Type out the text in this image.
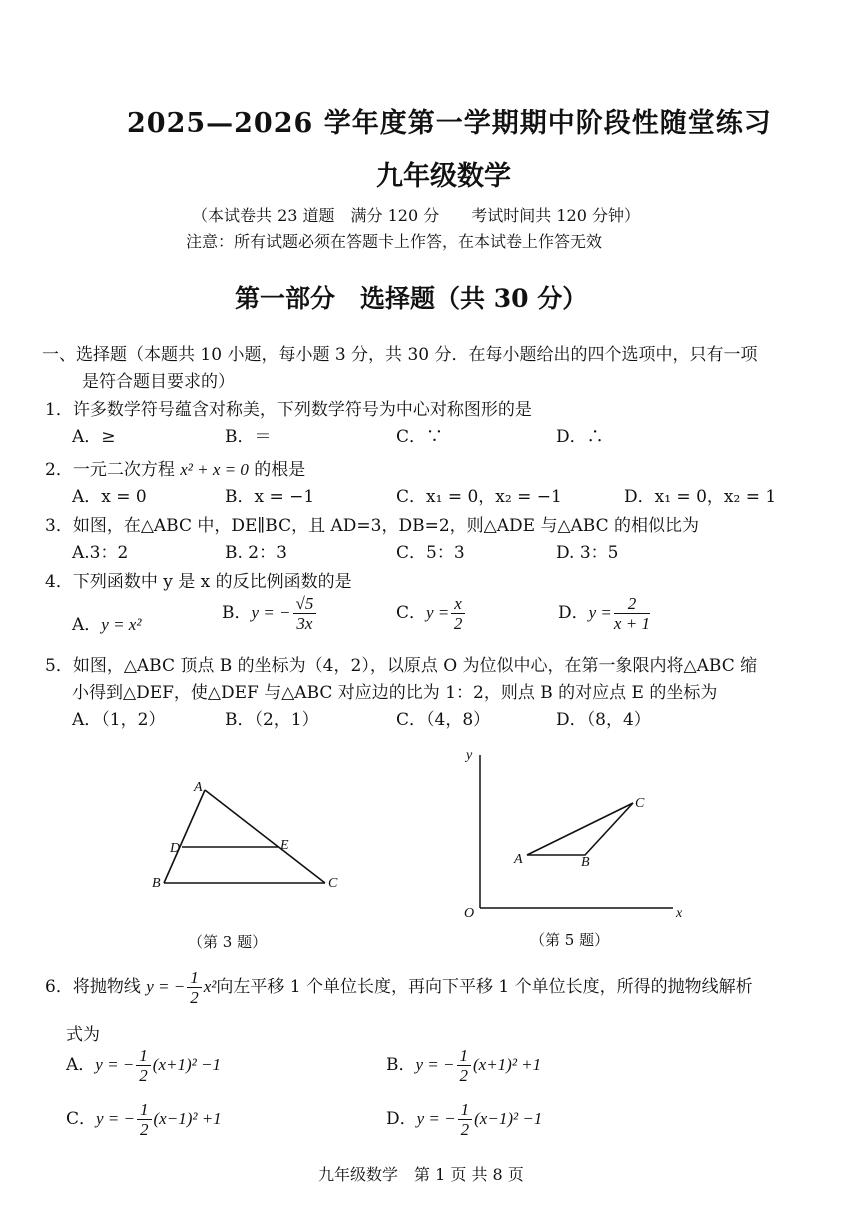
2025—2026 学年度第一学期期中阶段性随堂练习
九年级数学
（本试卷共 23 道题　满分 120 分　　考试时间共 120 分钟）
注意：所有试题必须在答题卡上作答，在本试卷上作答无效
第一部分　选择题（共 30 分）
一、选择题（本题共 10 小题，每小题 3 分，共 30 分．在每小题给出的四个选项中，只有一项
是符合题目要求的）
1．许多数学符号蕴含对称美，下列数学符号为中心对称图形的是
A．≥	B．＝	C．∵	D．∴
2．一元二次方程 x² + x = 0 的根是
A．x = 0	B．x = −1	C．x₁ = 0，x₂ = −1	D．x₁ = 0，x₂ = 1
3．如图，在△ABC 中，DE∥BC，且 AD=3，DB=2，则△ADE 与△ABC 的相似比为
A.3：2	B. 2：3	C．5：3	D. 3：5
4．下列函数中 y 是 x 的反比例函数的是
A．y = x²
B．y = − $\frac{√5}{3x}$	C．$y = \frac{x}{2}$	D．$y = \frac{2}{x + 1}$
5．如图，△ABC 顶点 B 的坐标为（4，2），以原点 O 为位似中心，在第一象限内将△ABC 缩
小得到△DEF，使△DEF 与△ABC 对应边的比为 1：2，则点 B 的对应点 E 的坐标为
A．（1，2）	B．（2，1）	C．（4，8）	D．（8，4）
A
D	E
B	C
（第 3 题）
y
x
O
A	B
C
（第 5 题）
6．将抛物线 y = − $\frac{1}{2} x^2$向左平移 1 个单位长度，再向下平移 1 个单位长度，所得的抛物线解析
式为
A．y = − $\frac{1}{2} (x+1)^2 -1$	B．y = − $\frac{1}{2} (x+1)^2 +1$
C．y = − $\frac{1}{2} (x-1)^2 +1$	D．y = − $\frac{1}{2} (x-1)^2 -1$
九年级数学　第 1 页 共 8 页
